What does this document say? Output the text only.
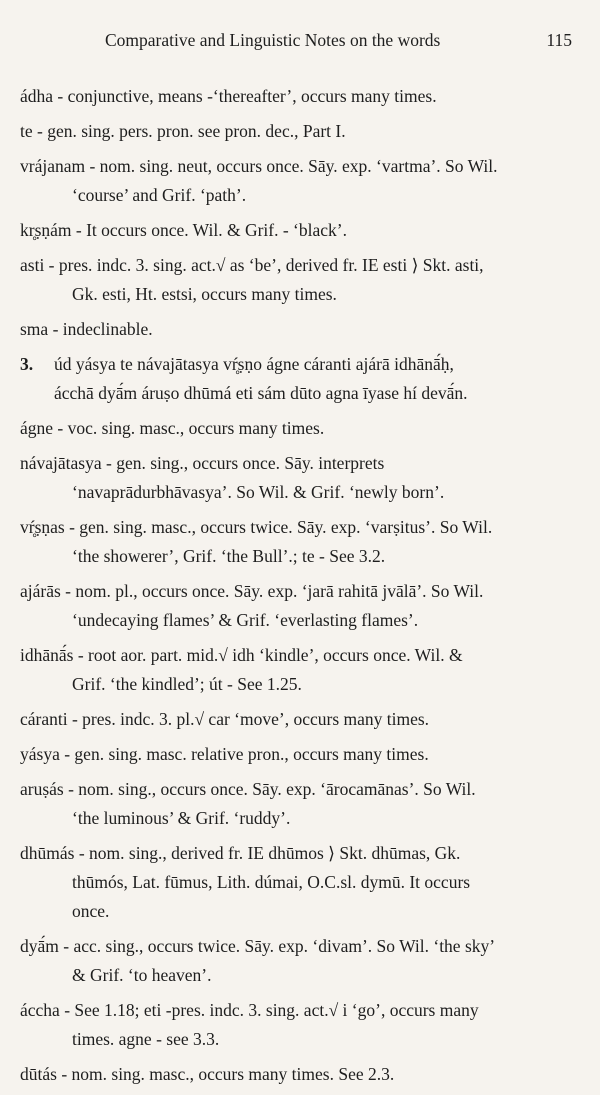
Comparative and Linguistic Notes on the words	115
ádha - conjunctive, means -‘thereafter’, occurs many times.
te - gen. sing. pers. pron. see pron. dec., Part I.
vrájanam - nom. sing. neut, occurs once. Sāy. exp. ‘vartma’. So Wil.
‘course’ and Grif. ‘path’.
kr̥ṣṇám - It occurs once. Wil. & Grif. - ‘black’.
asti - pres. indc. 3. sing. act.√ as ‘be’, derived fr. IE esti ⟩ Skt. asti,
Gk. esti, Ht. estsi, occurs many times.
sma - indeclinable.
3. úd yásya te návajātasya vŕ̥ṣṇo ágne cáranti ajárā idhānā́ḥ,
ácchā dyā́m áruṣo dhūmá eti sám dūto agna īyase hí devā́n.
ágne - voc. sing. masc., occurs many times.
návajātasya - gen. sing., occurs once. Sāy. interprets
‘navaprādurbhāvasya’. So Wil. & Grif. ‘newly born’.
vŕ̥ṣṇas - gen. sing. masc., occurs twice. Sāy. exp. ‘varṣitus’. So Wil.
‘the showerer’, Grif. ‘the Bull’.; te - See 3.2.
ajárās - nom. pl., occurs once. Sāy. exp. ‘jarā rahitā jvālā’. So Wil.
‘undecaying flames’ & Grif. ‘everlasting flames’.
idhānā́s - root aor. part. mid.√ idh ‘kindle’, occurs once. Wil. &
Grif. ‘the kindled’; út - See 1.25.
cáranti - pres. indc. 3. pl.√ car ‘move’, occurs many times.
yásya - gen. sing. masc. relative pron., occurs many times.
aruṣás - nom. sing., occurs once. Sāy. exp. ‘ārocamānas’. So Wil.
‘the luminous’ & Grif. ‘ruddy’.
dhūmás - nom. sing., derived fr. IE dhūmos ⟩ Skt. dhūmas, Gk.
thūmós, Lat. fūmus, Lith. dúmai, O.C.sl. dymū. It occurs
once.
dyā́m - acc. sing., occurs twice. Sāy. exp. ‘divam’. So Wil. ‘the sky’
& Grif. ‘to heaven’.
áccha - See 1.18; eti -pres. indc. 3. sing. act.√ i ‘go’, occurs many
times. agne - see 3.3.
dūtás - nom. sing. masc., occurs many times. See 2.3.
